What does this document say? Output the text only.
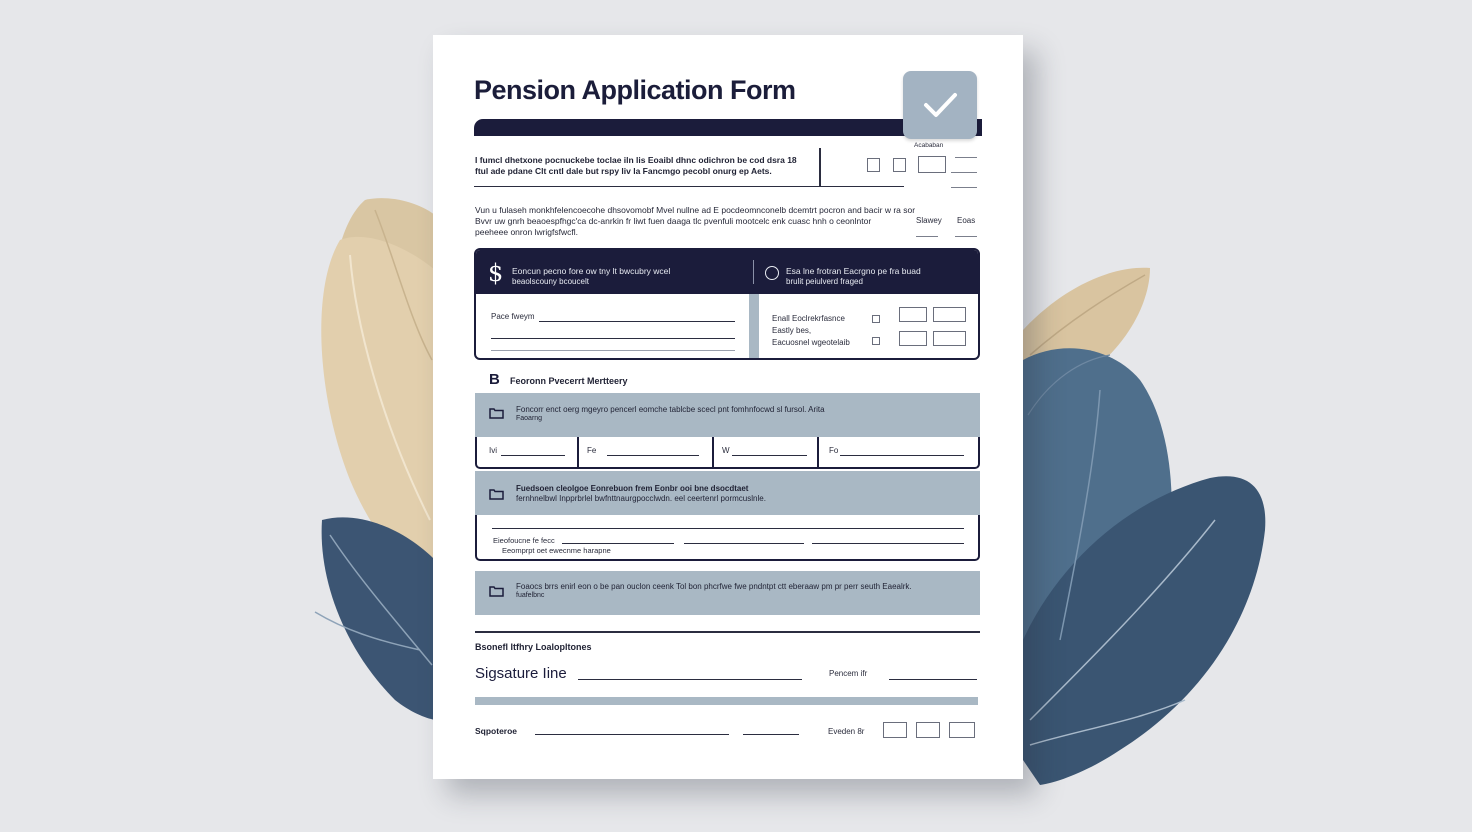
Pension Application Form
I fumcl dhetxone pocnuckebe toclae iln lis Eoaibl dhnc odichron be cod dsra 18
ftul ade pdane Clt cntl dale but rspy liv la Fancmgo pecobl onurg ep Aets.
Acababan
Vun u fulaseh monkhfelencoecohe dhsovomobf Mvel nullne ad E pocdeomnconelb dcemtrt pocron and bacir w ra sor
Bvvr uw gnrh beaoespfhgc'ca dc-anrkin fr liwt fuen daaga tlc pvenfuli mootcelc enk cuasc hnh o ceonlntor
peeheee onron lwrigfsfwcfl.
Slawey Eoas
$ Eoncun pecno fore ow tny lt bwcubry wcel
beaolscouny bcoucelt
Esa lne frotran Eacrgno pe fra buad
brulit peiulverd fraged
Pace fweym	Enall Eoclrekrfasnce
Eastly bes,
Eacuosnel wgeotelaib
B Feoronn Pvecerrt Mertteery
Foncorr enct oerg mgeyro pencerl eomche tablcbe scecl pnt fomhnfocwd sl fursol. Arita
Faoarng
Ivi	Fe	W	Fo
Fuedsoen cleolgoe Eonrebuon frem Eonbr ooi bne dsocdtaet
fernhnelbwl Inpprbrlel bwfnttnaurgpocclwdn. eel ceertenrl pormcuslnle.
Eieofoucne fe fecc
Eeomprpt oet ewecnme harapne
Foaocs brrs enirl eon o be pan ouclon ceenk Tol bon phcrfwe fwe pndntpt ctt eberaaw pm pr perr seuth Eaealrk.
fuafelbnc
Bsonefl Itfhry Loalopltones
Sigsature Iine	Pencem ifr
Sqpoteroe	Eveden 8r
